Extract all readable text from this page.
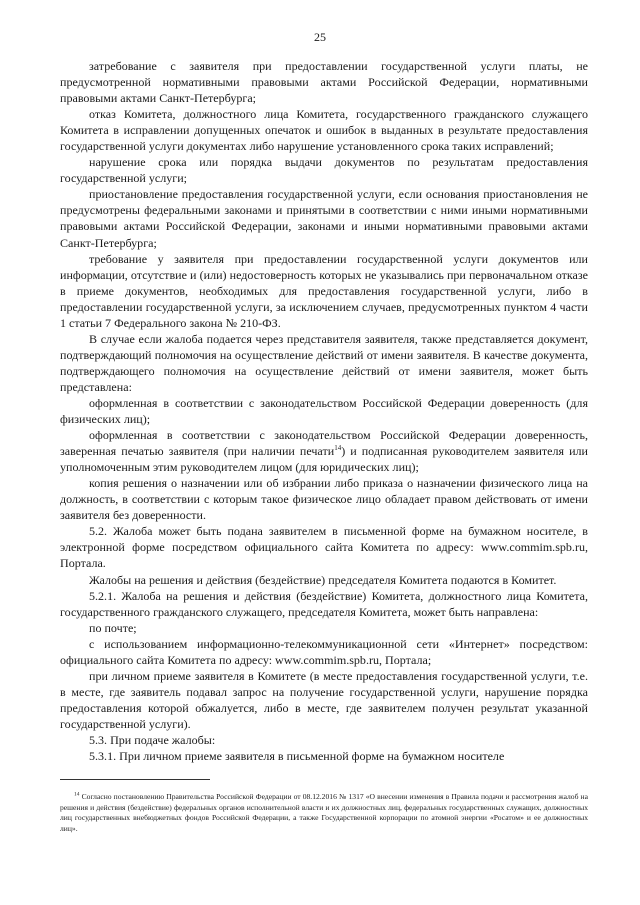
25

затребование с заявителя при предоставлении государственной услуги платы, не предусмотренной нормативными правовыми актами Российской Федерации, нормативными правовыми актами Санкт-Петербурга;

отказ Комитета, должностного лица Комитета, государственного гражданского служащего Комитета в исправлении допущенных опечаток и ошибок в выданных в результате предоставления государственной услуги документах либо нарушение установленного срока таких исправлений;

нарушение срока или порядка выдачи документов по результатам предоставления государственной услуги;

приостановление предоставления государственной услуги, если основания приостановления не предусмотрены федеральными законами и принятыми в соответствии с ними иными нормативными правовыми актами Российской Федерации, законами и иными нормативными правовыми актами Санкт-Петербурга;

требование у заявителя при предоставлении государственной услуги документов или информации, отсутствие и (или) недостоверность которых не указывались при первоначальном отказе в приеме документов, необходимых для предоставления государственной услуги, либо в предоставлении государственной услуги, за исключением случаев, предусмотренных пунктом 4 части 1 статьи 7 Федерального закона № 210-ФЗ.

В случае если жалоба подается через представителя заявителя, также представляется документ, подтверждающий полномочия на осуществление действий от имени заявителя. В качестве документа, подтверждающего полномочия на осуществление действий от имени заявителя, может быть представлена:

оформленная в соответствии с законодательством Российской Федерации доверенность (для физических лиц);

оформленная в соответствии с законодательством Российской Федерации доверенность, заверенная печатью заявителя (при наличии печати$^{14}$) и подписанная руководителем заявителя или уполномоченным этим руководителем лицом (для юридических лиц);

копия решения о назначении или об избрании либо приказа о назначении физического лица на должность, в соответствии с которым такое физическое лицо обладает правом действовать от имени заявителя без доверенности.

5.2. Жалоба может быть подана заявителем в письменной форме на бумажном носителе, в электронной форме посредством официального сайта Комитета по адресу: www.commim.spb.ru, Портала.

Жалобы на решения и действия (бездействие) председателя Комитета подаются в Комитет.

5.2.1. Жалоба на решения и действия (бездействие) Комитета, должностного лица Комитета, государственного гражданского служащего, председателя Комитета, может быть направлена:

по почте;

с использованием информационно-телекоммуникационной сети «Интернет» посредством: официального сайта Комитета по адресу: www.commim.spb.ru, Портала;

при личном приеме заявителя в Комитете (в месте предоставления государственной услуги, т.е. в месте, где заявитель подавал запрос на получение государственной услуги, нарушение порядка предоставления которой обжалуется, либо в месте, где заявителем получен результат указанной государственной услуги).

5.3. При подаче жалобы:

5.3.1. При личном приеме заявителя в письменной форме на бумажном носителе

$^{14}$ Согласно постановлению Правительства Российской Федерации от 08.12.2016 № 1317 «О внесении изменения в Правила подачи и рассмотрения жалоб на решения и действия (бездействие) федеральных органов исполнительной власти и их должностных лиц, федеральных государственных служащих, должностных лиц государственных внебюджетных фондов Российской Федерации, а также Государственной корпорации по атомной энергии «Росатом» и ее должностных лиц».
